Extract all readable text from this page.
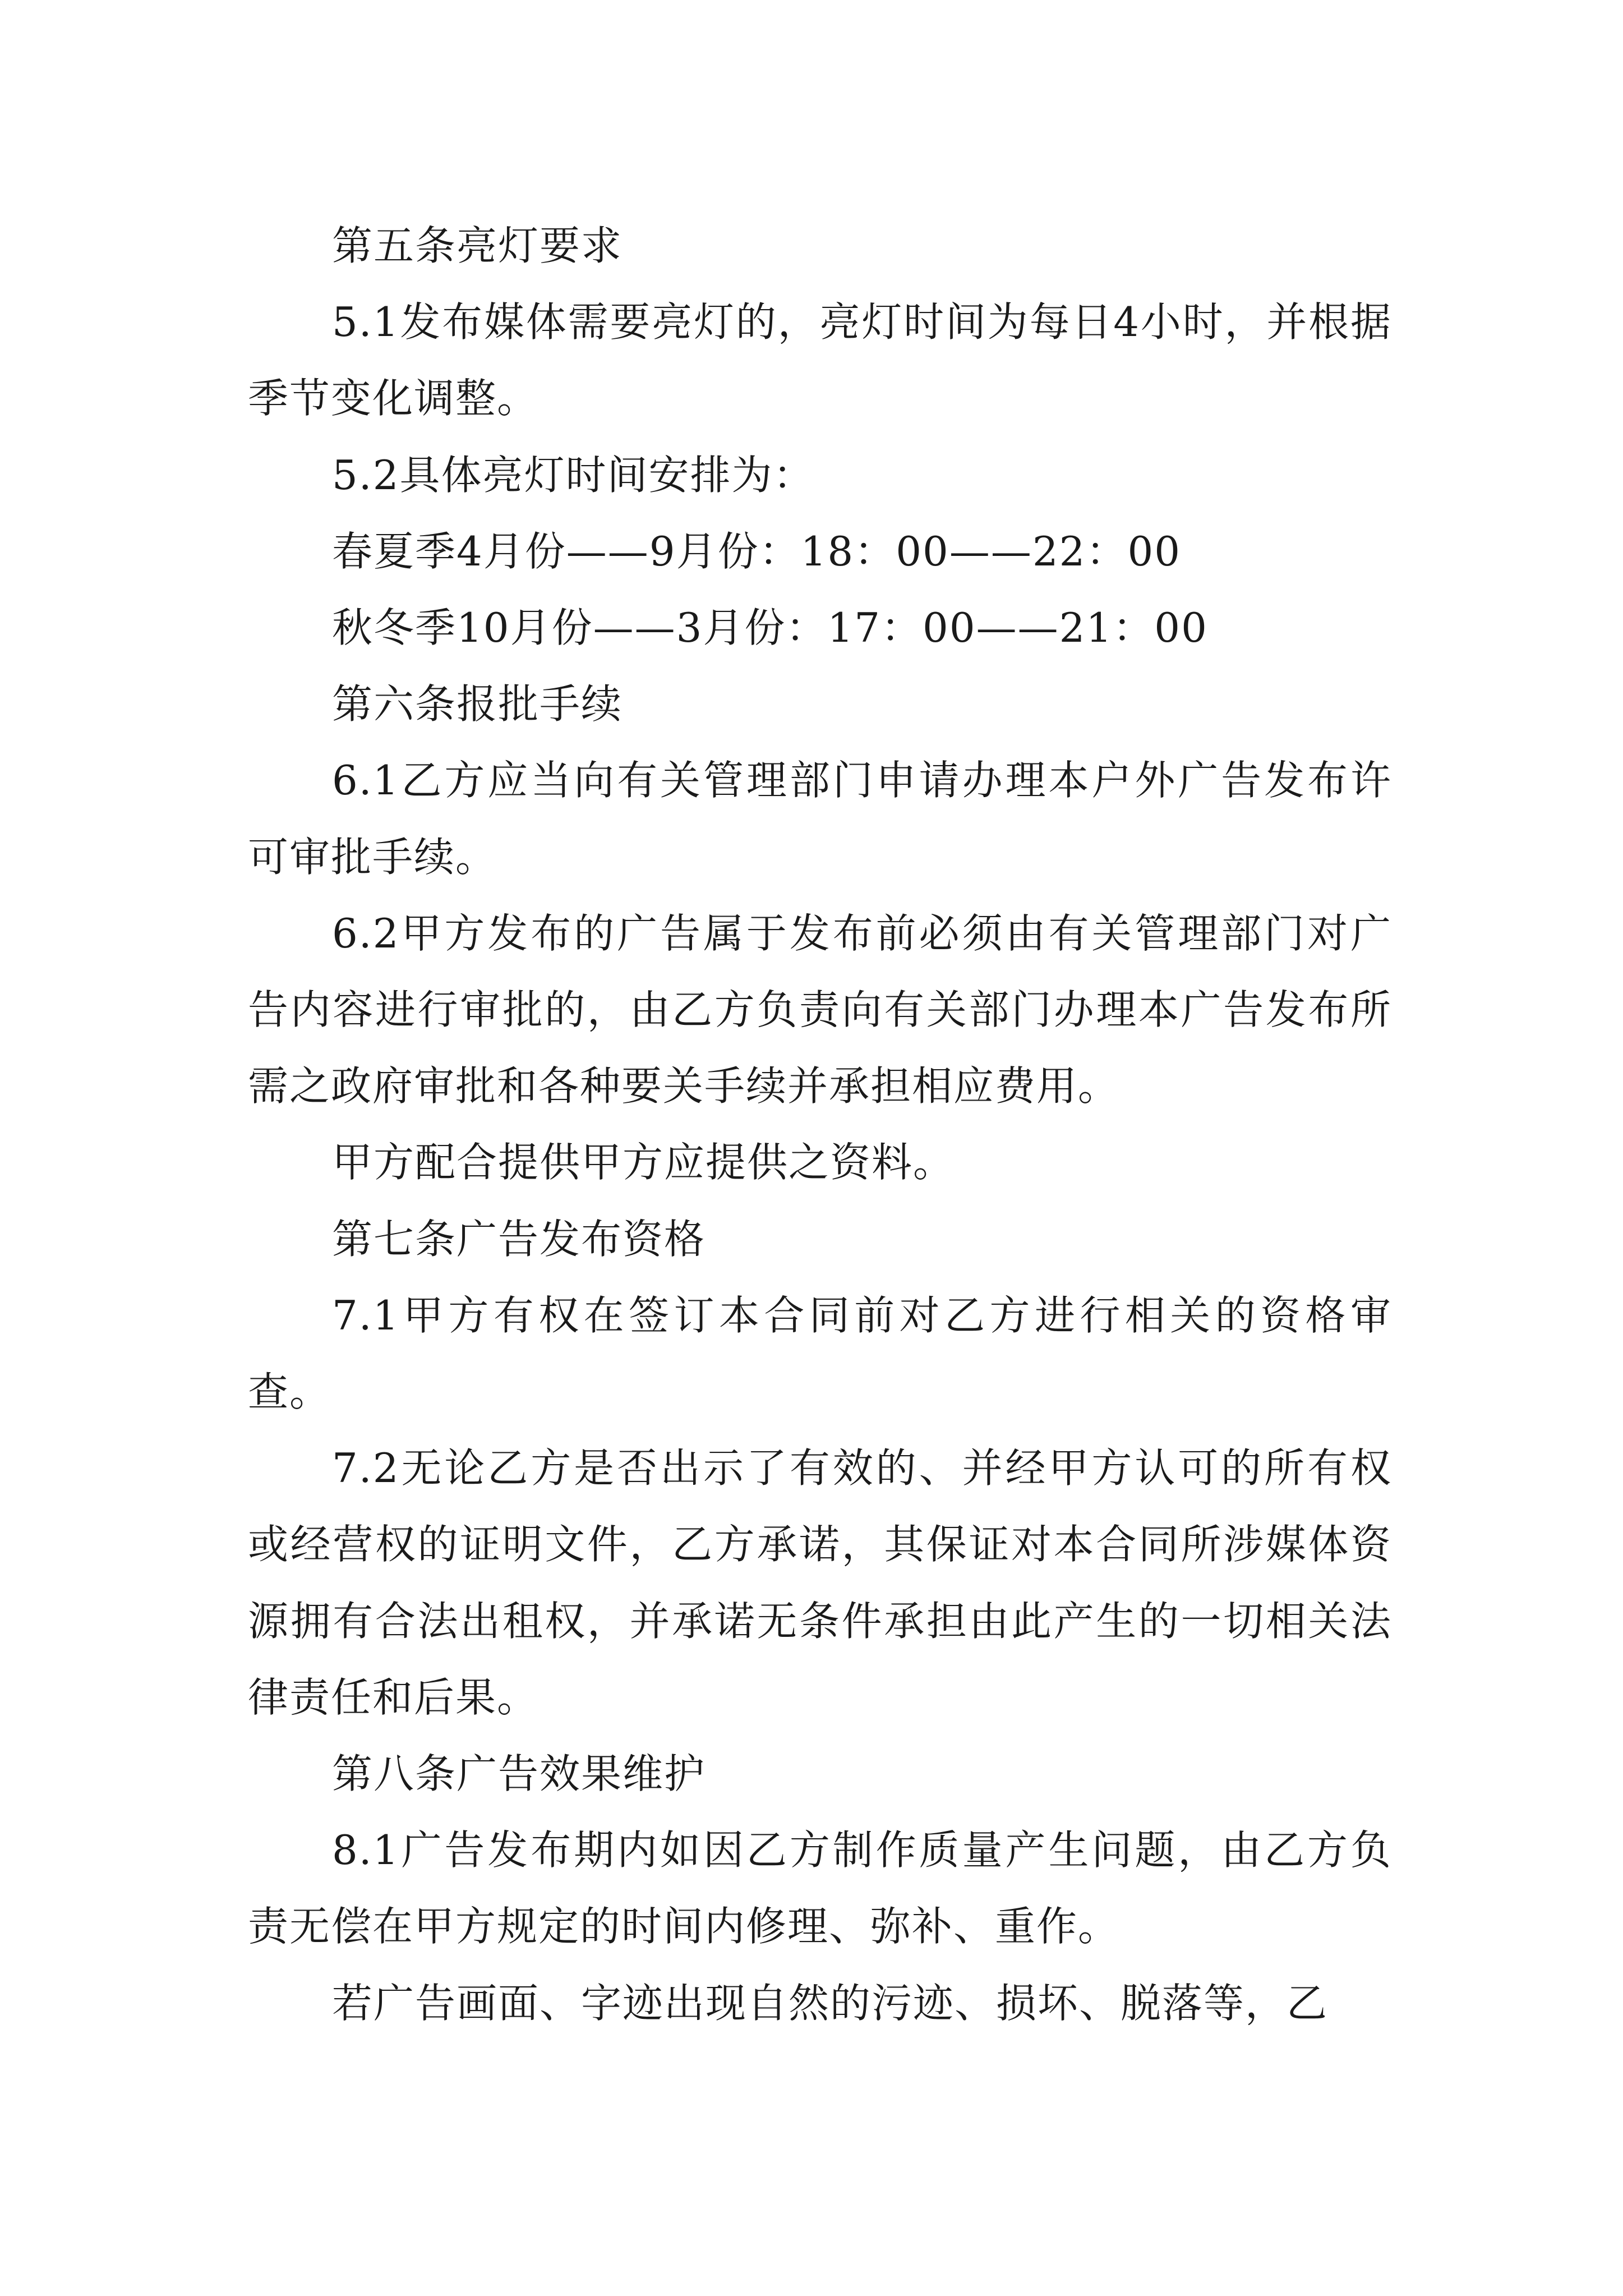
第五条亮灯要求

5.1发布媒体需要亮灯的，亮灯时间为每日4小时，并根据季节变化调整。

5.2具体亮灯时间安排为：

春夏季4月份——9月份：18：00——22：00

秋冬季10月份——3月份：17：00——21：00

第六条报批手续

6.1乙方应当向有关管理部门申请办理本户外广告发布许可审批手续。

6.2甲方发布的广告属于发布前必须由有关管理部门对广告内容进行审批的，由乙方负责向有关部门办理本广告发布所需之政府审批和各种要关手续并承担相应费用。

甲方配合提供甲方应提供之资料。

第七条广告发布资格

7.1甲方有权在签订本合同前对乙方进行相关的资格审查。

7.2无论乙方是否出示了有效的、并经甲方认可的所有权或经营权的证明文件，乙方承诺，其保证对本合同所涉媒体资源拥有合法出租权，并承诺无条件承担由此产生的一切相关法律责任和后果。

第八条广告效果维护

8.1广告发布期内如因乙方制作质量产生问题，由乙方负责无偿在甲方规定的时间内修理、弥补、重作。

若广告画面、字迹出现自然的污迹、损坏、脱落等，乙
